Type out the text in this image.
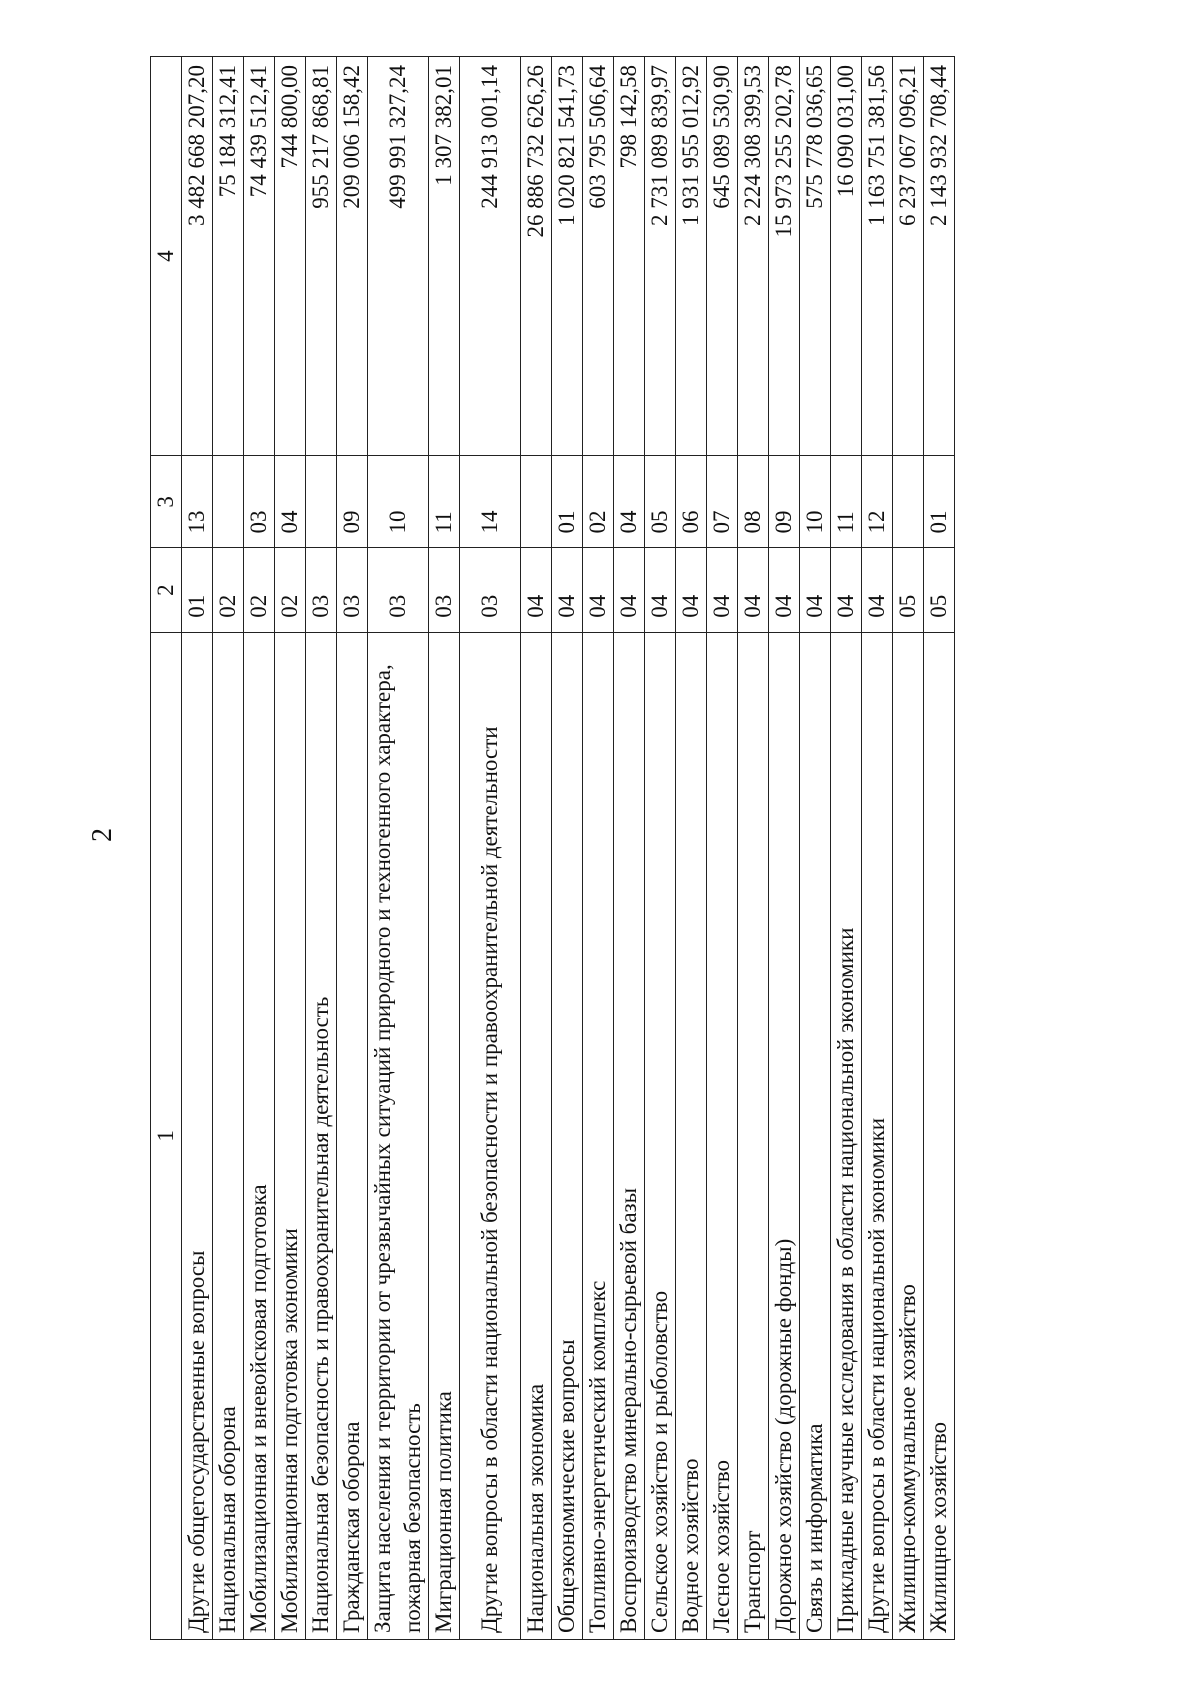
2
1	2	3	4
Другие общегосударственные вопросы	01	13	3 482 668 207,20
Национальная оборона	02		75 184 312,41
Мобилизационная и вневойсковая подготовка	02	03	74 439 512,41
Мобилизационная подготовка экономики	02	04	744 800,00
Национальная безопасность и правоохранительная деятельность	03		955 217 868,81
Гражданская оборона	03	09	209 006 158,42
Защита населения и территории от чрезвычайных ситуаций природного и техногенного характера, пожарная безопасность	03	10	499 991 327,24
Миграционная политика	03	11	1 307 382,01
Другие вопросы в области национальной безопасности и правоохранительной деятельности	03	14	244 913 001,14
Национальная экономика	04		26 886 732 626,26
Общеэкономические вопросы	04	01	1 020 821 541,73
Топливно-энергетический комплекс	04	02	603 795 506,64
Воспроизводство минерально-сырьевой базы	04	04	798 142,58
Сельское хозяйство и рыболовство	04	05	2 731 089 839,97
Водное хозяйство	04	06	1 931 955 012,92
Лесное хозяйство	04	07	645 089 530,90
Транспорт	04	08	2 224 308 399,53
Дорожное хозяйство (дорожные фонды)	04	09	15 973 255 202,78
Связь и информатика	04	10	575 778 036,65
Прикладные научные исследования в области национальной экономики	04	11	16 090 031,00
Другие вопросы в области национальной экономики	04	12	1 163 751 381,56
Жилищно-коммунальное хозяйство	05		6 237 067 096,21
Жилищное хозяйство	05	01	2 143 932 708,44
